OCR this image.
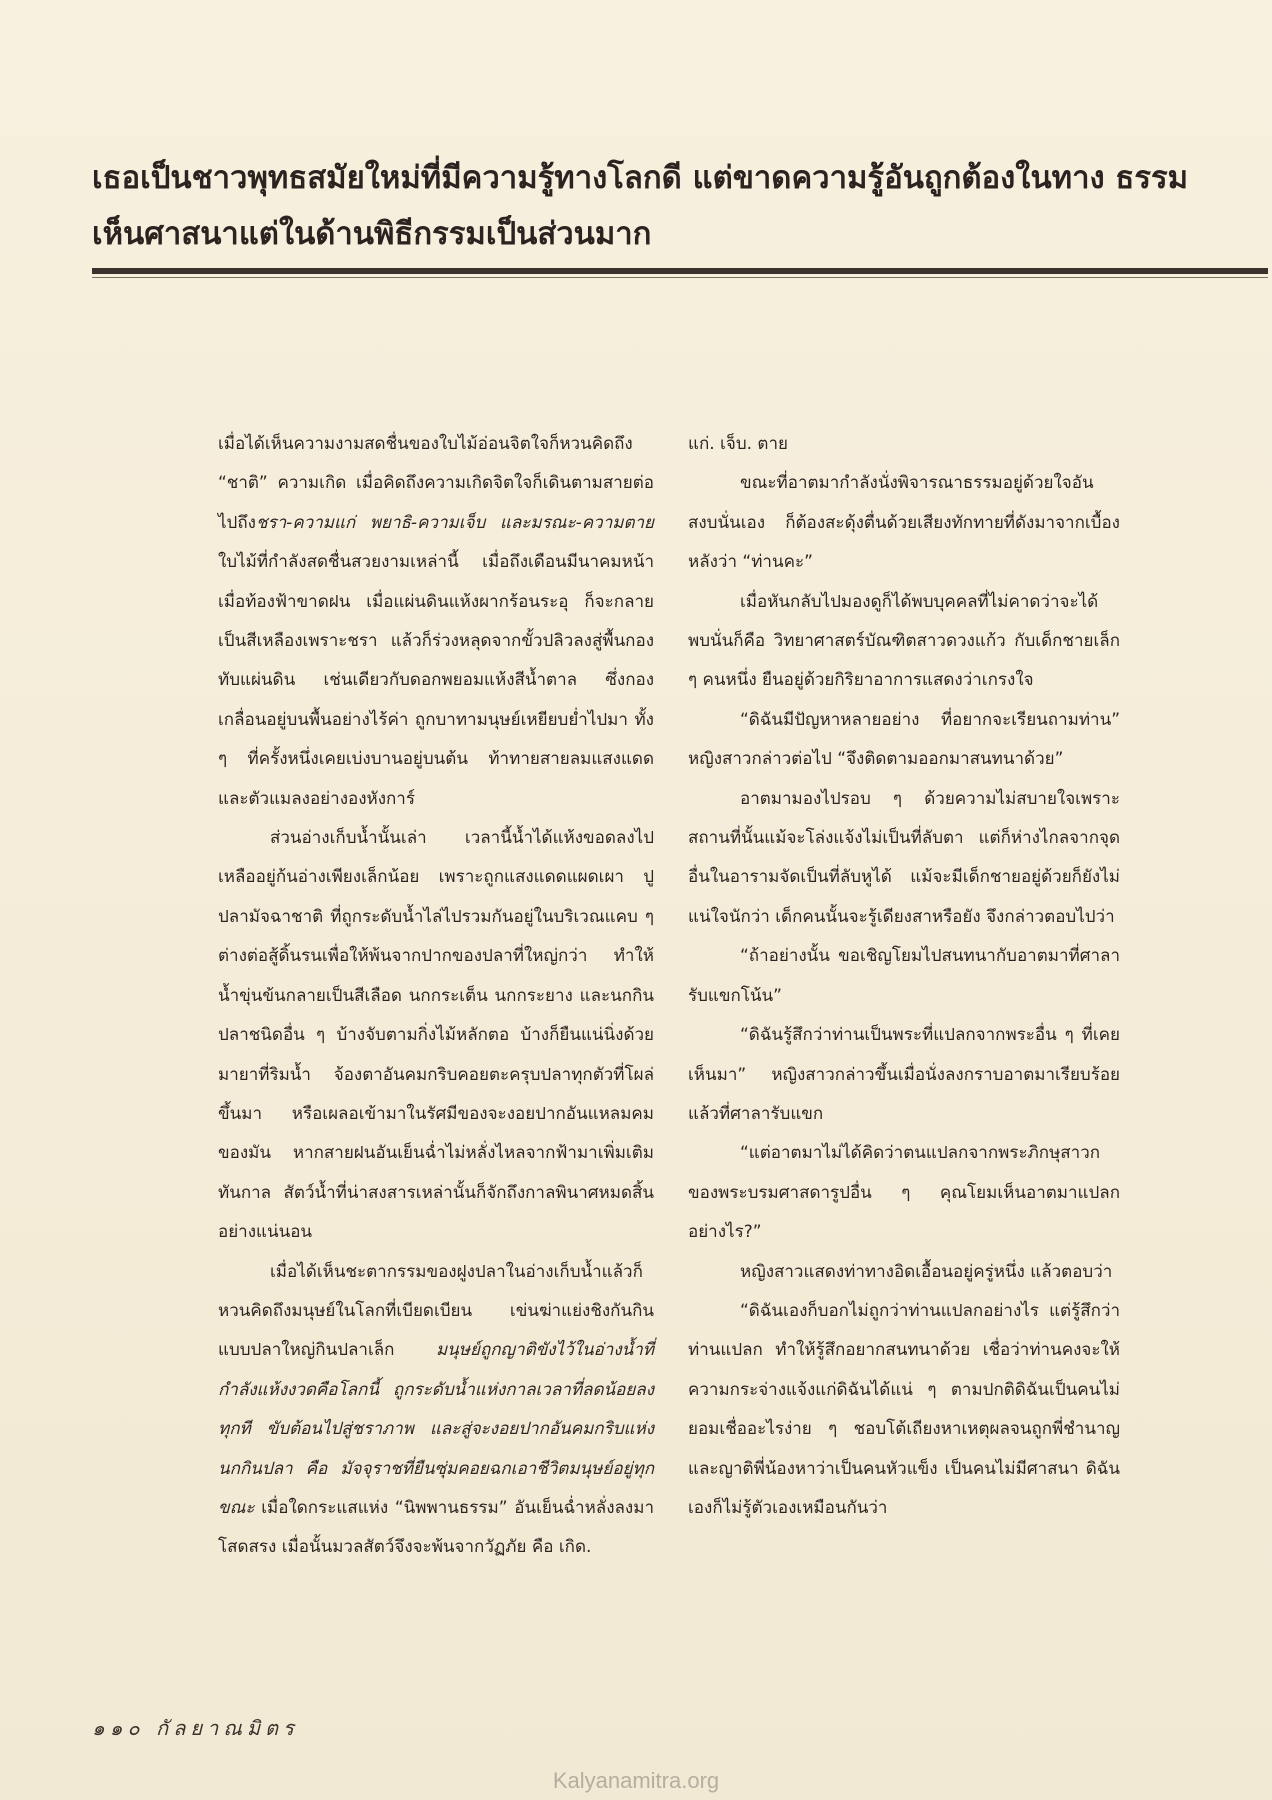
เธอเป็นชาวพุทธสมัยใหม่ที่มีความรู้ทางโลกดี แต่ขาดความรู้อันถูกต้องในทาง ธรรม เห็นศาสนาแต่ในด้านพิธีกรรมเป็นส่วนมาก

เมื่อได้เห็นความงามสดชื่นของใบไม้อ่อนจิตใจก็หวนคิดถึง “ชาติ” ความเกิด เมื่อคิดถึงความเกิดจิตใจก็เดินตามสายต่อไปถึงชรา-ความแก่ พยาธิ-ความเจ็บ และมรณะ-ความตาย ใบไม้ที่กำลังสดชื่นสวยงามเหล่านี้ เมื่อถึงเดือนมีนาคมหน้า เมื่อท้องฟ้าขาดฝน เมื่อแผ่นดินแห้งผากร้อนระอุ ก็จะกลายเป็นสีเหลืองเพราะชรา แล้วก็ร่วงหลุดจากขั้วปลิวลงสู่พื้นกองทับแผ่นดิน เช่นเดียวกับดอกพยอมแห้งสีน้ำตาล ซึ่งกองเกลื่อนอยู่บนพื้นอย่างไร้ค่า ถูกบาทามนุษย์เหยียบย่ำไปมา ทั้ง ๆ ที่ครั้งหนึ่งเคยเบ่งบานอยู่บนต้น ท้าทายสายลมแสงแดดและตัวแมลงอย่างองหังการ์

ส่วนอ่างเก็บน้ำนั้นเล่า เวลานี้น้ำได้แห้งขอดลงไปเหลืออยู่ก้นอ่างเพียงเล็กน้อย เพราะถูกแสงแดดแผดเผา ปูปลามัจฉาชาติ ที่ถูกระดับน้ำไล่ไปรวมกันอยู่ในบริเวณแคบ ๆ ต่างต่อสู้ดิ้นรนเพื่อให้พ้นจากปากของปลาที่ใหญ่กว่า ทำให้น้ำขุ่นข้นกลายเป็นสีเลือด นกกระเต็น นกกระยาง และนกกินปลาชนิดอื่น ๆ บ้างจับตามกิ่งไม้หลักตอ บ้างก็ยืนแน่นิ่งด้วยมายาที่ริมน้ำ จ้องตาอันคมกริบคอยตะครุบปลาทุกตัวที่โผล่ขึ้นมา หรือเผลอเข้ามาในรัศมีของจะงอยปากอันแหลมคมของมัน หากสายฝนอันเย็นฉ่ำไม่หลั่งไหลจากฟ้ามาเพิ่มเติมทันกาล สัตว์น้ำที่น่าสงสารเหล่านั้นก็จักถึงกาลพินาศหมดสิ้นอย่างแน่นอน

เมื่อได้เห็นชะตากรรมของฝูงปลาในอ่างเก็บน้ำแล้วก็หวนคิดถึงมนุษย์ในโลกที่เบียดเบียน เข่นฆ่าแย่งชิงกันกินแบบปลาใหญ่กินปลาเล็ก มนุษย์ถูกญาติขังไว้ในอ่างน้ำที่กำลังแห้งงวดคือโลกนี้ ถูกระดับน้ำแห่งกาลเวลาที่ลดน้อยลงทุกที ขับต้อนไปสู่ชราภาพ และสู่จะงอยปากอันคมกริบแห่งนกกินปลา คือ มัจจุราชที่ยืนซุ่มคอยฉกเอาชีวิตมนุษย์อยู่ทุกขณะ เมื่อใดกระแสแห่ง “นิพพานธรรม” อันเย็นฉ่ำหลั่งลงมาโสดสรง เมื่อนั้นมวลสัตว์จึงจะพ้นจากวัฏภัย คือ เกิด.

แก่. เจ็บ. ตาย

ขณะที่อาตมากำลังนั่งพิจารณาธรรมอยู่ด้วยใจอันสงบนั่นเอง ก็ต้องสะดุ้งตื่นด้วยเสียงทักทายที่ดังมาจากเบื้องหลังว่า “ท่านคะ”

เมื่อหันกลับไปมองดูก็ได้พบบุคคลที่ไม่คาดว่าจะได้พบนั่นก็คือ วิทยาศาสตร์บัณฑิตสาวดวงแก้ว กับเด็กชายเล็ก ๆ คนหนึ่ง ยืนอยู่ด้วยกิริยาอาการแสดงว่าเกรงใจ

“ดิฉันมีปัญหาหลายอย่าง ที่อยากจะเรียนถามท่าน” หญิงสาวกล่าวต่อไป “จึงติดตามออกมาสนทนาด้วย”

อาตมามองไปรอบ ๆ ด้วยความไม่สบายใจเพราะสถานที่นั้นแม้จะโล่งแจ้งไม่เป็นที่ลับตา แต่ก็ห่างไกลจากจุดอื่นในอารามจัดเป็นที่ลับหูได้ แม้จะมีเด็กชายอยู่ด้วยก็ยังไม่แน่ใจนักว่า เด็กคนนั้นจะรู้เดียงสาหรือยัง จึงกล่าวตอบไปว่า

“ถ้าอย่างนั้น ขอเชิญโยมไปสนทนากับอาตมาที่ศาลารับแขกโน้น”

“ดิฉันรู้สึกว่าท่านเป็นพระที่แปลกจากพระอื่น ๆ ที่เคยเห็นมา” หญิงสาวกล่าวขึ้นเมื่อนั่งลงกราบอาตมาเรียบร้อยแล้วที่ศาลารับแขก

“แต่อาตมาไม่ได้คิดว่าตนแปลกจากพระภิกษุสาวกของพระบรมศาสดารูปอื่น ๆ คุณโยมเห็นอาตมาแปลกอย่างไร?”

หญิงสาวแสดงท่าทางอิดเอื้อนอยู่ครู่หนึ่ง แล้วตอบว่า

“ดิฉันเองก็บอกไม่ถูกว่าท่านแปลกอย่างไร แต่รู้สึกว่าท่านแปลก ทำให้รู้สึกอยากสนทนาด้วย เชื่อว่าท่านคงจะให้ความกระจ่างแจ้งแก่ดิฉันได้แน่ ๆ ตามปกติดิฉันเป็นคนไม่ยอมเชื่ออะไรง่าย ๆ ชอบโต้เถียงหาเหตุผลจนถูกพี่ชำนาญและญาติพี่น้องหาว่าเป็นคนหัวแข็ง เป็นคนไม่มีศาสนา ดิฉันเองก็ไม่รู้ตัวเองเหมือนกันว่า

๑๑๐ กัลยาณมิตร
Kalyanamitra.org
